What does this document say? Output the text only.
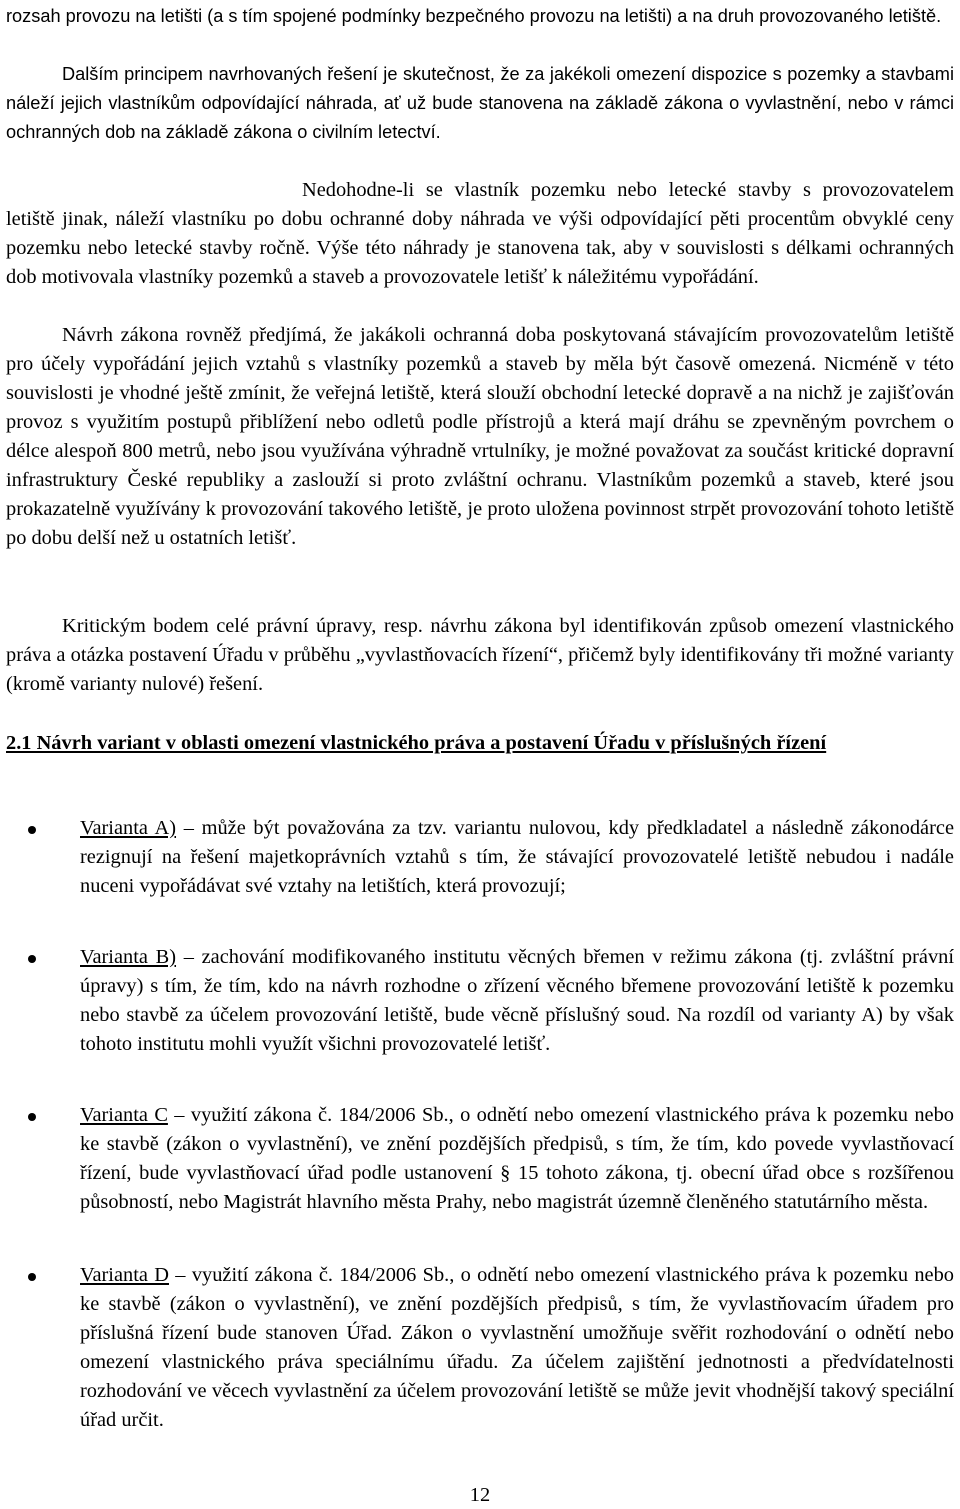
rozsah provozu na letišti (a s tím spojené podmínky bezpečného provozu na letišti) a na druh provozovaného letiště.

Dalším principem navrhovaných řešení je skutečnost, že za jakékoli omezení dispozice s pozemky a stavbami náleží jejich vlastníkům odpovídající náhrada, ať už bude stanovena na základě zákona o vyvlastnění, nebo v rámci ochranných dob na základě zákona o civilním letectví.

Nedohodne-li se vlastník pozemku nebo letecké stavby s provozovatelem letiště jinak, náleží vlastníku po dobu ochranné doby náhrada ve výši odpovídající pěti procentům obvyklé ceny pozemku nebo letecké stavby ročně. Výše této náhrady je stanovena tak, aby v souvislosti s délkami ochranných dob motivovala vlastníky pozemků a staveb a provozovatele letišť k náležitému vypořádání.

Návrh zákona rovněž předjímá, že jakákoli ochranná doba poskytovaná stávajícím provozovatelům letiště pro účely vypořádání jejich vztahů s vlastníky pozemků a staveb by měla být časově omezená. Nicméně v této souvislosti je vhodné ještě zmínit, že veřejná letiště, která slouží obchodní letecké dopravě a na nichž je zajišťován provoz s využitím postupů přiblížení nebo odletů podle přístrojů a která mají dráhu se zpevněným povrchem o délce alespoň 800 metrů, nebo jsou využívána výhradně vrtulníky, je možné považovat za součást kritické dopravní infrastruktury České republiky a zaslouží si proto zvláštní ochranu. Vlastníkům pozemků a staveb, které jsou prokazatelně využívány k provozování takového letiště, je proto uložena povinnost strpět provozování tohoto letiště po dobu delší než u ostatních letišť.

Kritickým bodem celé právní úpravy, resp. návrhu zákona byl identifikován způsob omezení vlastnického práva a otázka postavení Úřadu v průběhu „vyvlastňovacích řízení“, přičemž byly identifikovány tři možné varianty (kromě varianty nulové) řešení.

2.1 Návrh variant v oblasti omezení vlastnického práva a postavení Úřadu v příslušných řízení

Varianta A) – může být považována za tzv. variantu nulovou, kdy předkladatel a následně zákonodárce rezignují na řešení majetkoprávních vztahů s tím, že stávající provozovatelé letiště nebudou i nadále nuceni vypořádávat své vztahy na letištích, která provozují;
Varianta B) – zachování modifikovaného institutu věcných břemen v režimu zákona (tj. zvláštní právní úpravy) s tím, že tím, kdo na návrh rozhodne o zřízení věcného břemene provozování letiště k pozemku nebo stavbě za účelem provozování letiště, bude věcně příslušný soud. Na rozdíl od varianty A) by však tohoto institutu mohli využít všichni provozovatelé letišť.
Varianta C – využití zákona č. 184/2006 Sb., o odnětí nebo omezení vlastnického práva k pozemku nebo ke stavbě (zákon o vyvlastnění), ve znění pozdějších předpisů, s tím, že tím, kdo povede vyvlastňovací řízení, bude vyvlastňovací úřad podle ustanovení § 15 tohoto zákona, tj. obecní úřad obce s rozšířenou působností, nebo Magistrát hlavního města Prahy, nebo magistrát územně členěného statutárního města.
Varianta D – využití zákona č. 184/2006 Sb., o odnětí nebo omezení vlastnického práva k pozemku nebo ke stavbě (zákon o vyvlastnění), ve znění pozdějších předpisů, s tím, že vyvlastňovacím úřadem pro příslušná řízení bude stanoven Úřad. Zákon o vyvlastnění umožňuje svěřit rozhodování o odnětí nebo omezení vlastnického práva speciálnímu úřadu. Za účelem zajištění jednotnosti a předvídatelnosti rozhodování ve věcech vyvlastnění za účelem provozování letiště se může jevit vhodnější takový speciální úřad určit.
12
